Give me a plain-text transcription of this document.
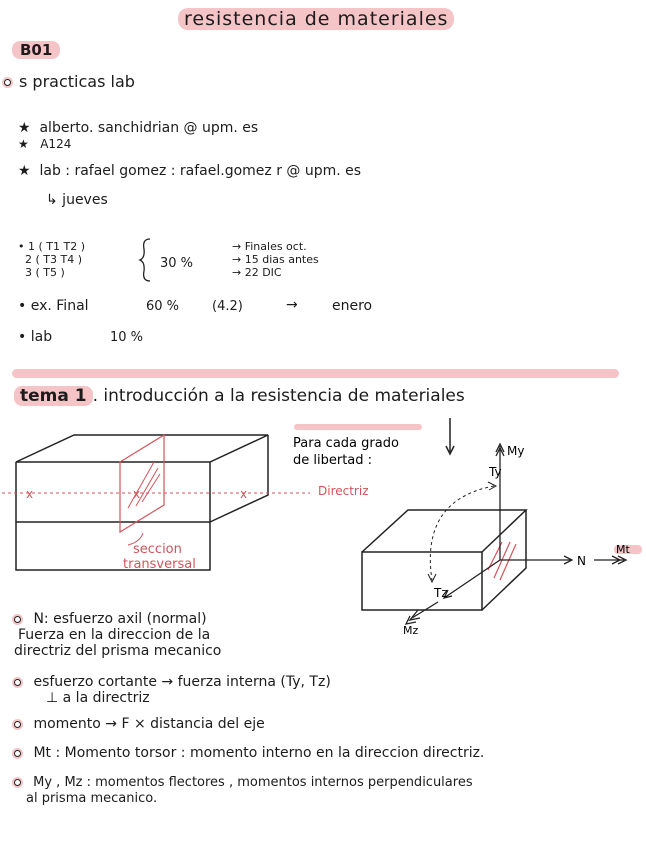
resistencia de materiales
B01
s practicas lab
★ alberto. sanchidrian @ upm. es
★ A124
★ lab : rafael gomez : rafael.gomez r @ upm. es
↳ jueves
• 1 ( T1 T2 )
2 ( T3 T4 )
3 ( T5 )
30 %
→ Finales oct.
→ 15 dias antes
→ 22 DIC
• ex. Final	60 %	(4.2)	→ enero
• lab	10 %
tema 1 . introducción a la resistencia de materiales
x	x	x	Directriz
seccion
transversal
Para cada grado
de libertad :
My
Ty
N
Mt
Tz
Mz
N: esfuerzo axil (normal)
Fuerza en la direccion de la
directriz del prisma mecanico
esfuerzo cortante → fuerza interna (Ty, Tz)
⊥ a la directriz
momento → F × distancia del eje
Mt : Momento torsor : momento interno en la direccion directriz.
My , Mz : momentos flectores , momentos internos perpendiculares
al prisma mecanico.
